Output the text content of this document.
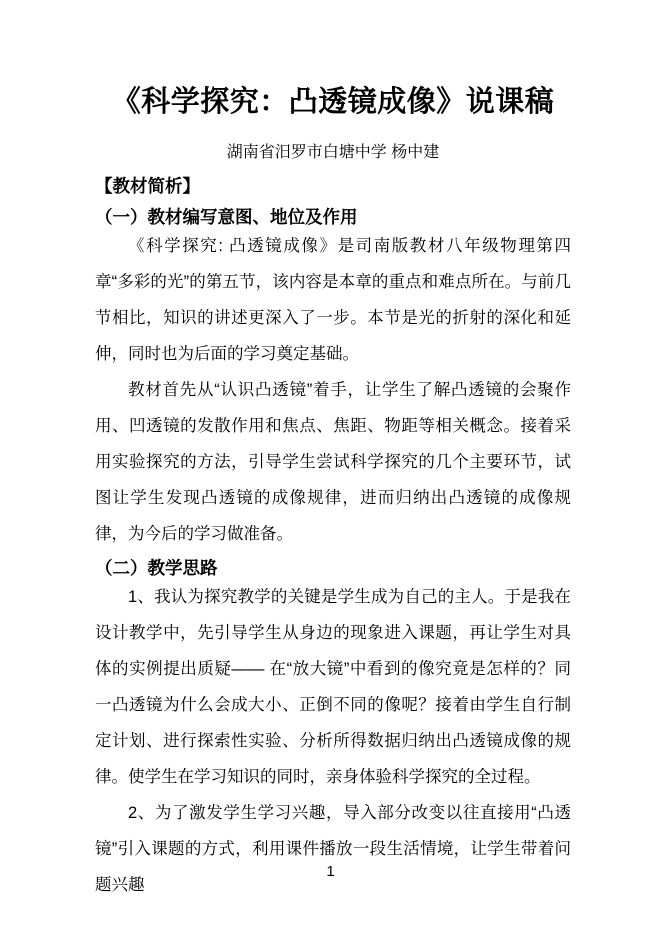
《科学探究：凸透镜成像》说课稿
湖南省汨罗市白塘中学 杨中建
【教材简析】
（一）教材编写意图、地位及作用

《科学探究: 凸透镜成像》是司南版教材八年级物理第四章“多彩的光”的第五节，该内容是本章的重点和难点所在。与前几节相比，知识的讲述更深入了一步。本节是光的折射的深化和延伸，同时也为后面的学习奠定基础。

教材首先从“认识凸透镜”着手，让学生了解凸透镜的会聚作用、凹透镜的发散作用和焦点、焦距、物距等相关概念。接着采用实验探究的方法，引导学生尝试科学探究的几个主要环节，试图让学生发现凸透镜的成像规律，进而归纳出凸透镜的成像规律，为今后的学习做准备。

（二）教学思路

1、我认为探究教学的关键是学生成为自己的主人。于是我在设计教学中，先引导学生从身边的现象进入课题，再让学生对具体的实例提出质疑—— 在“放大镜”中看到的像究竟是怎样的？同一凸透镜为什么会成大小、正倒不同的像呢？接着由学生自行制定计划、进行探索性实验、分析所得数据归纳出凸透镜成像的规律。使学生在学习知识的同时，亲身体验科学探究的全过程。

2、为了激发学生学习兴趣，导入部分改变以往直接用“凸透镜”引入课题的方式，利用课件播放一段生活情境，让学生带着问题兴趣

1
